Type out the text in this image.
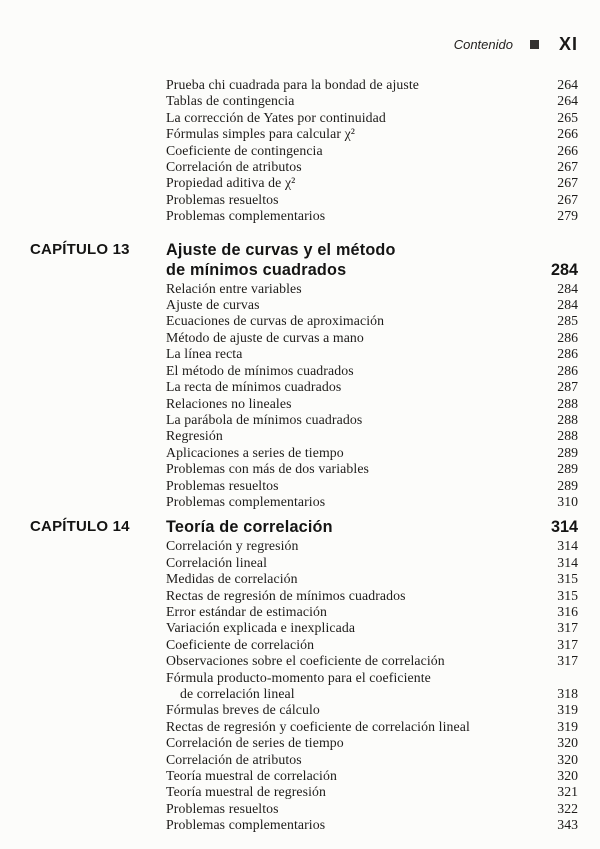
Contenido	XI
Prueba chi cuadrada para la bondad de ajuste	264
Tablas de contingencia	264
La corrección de Yates por continuidad	265
Fórmulas simples para calcular χ²	266
Coeficiente de contingencia	266
Correlación de atributos	267
Propiedad aditiva de χ²	267
Problemas resueltos	267
Problemas complementarios	279
CAPÍTULO 13	Ajuste de curvas y el método
de mínimos cuadrados	284
Relación entre variables	284
Ajuste de curvas	284
Ecuaciones de curvas de aproximación	285
Método de ajuste de curvas a mano	286
La línea recta	286
El método de mínimos cuadrados	286
La recta de mínimos cuadrados	287
Relaciones no lineales	288
La parábola de mínimos cuadrados	288
Regresión	288
Aplicaciones a series de tiempo	289
Problemas con más de dos variables	289
Problemas resueltos	289
Problemas complementarios	310
CAPÍTULO 14	Teoría de correlación	314
Correlación y regresión	314
Correlación lineal	314
Medidas de correlación	315
Rectas de regresión de mínimos cuadrados	315
Error estándar de estimación	316
Variación explicada e inexplicada	317
Coeficiente de correlación	317
Observaciones sobre el coeficiente de correlación	317
Fórmula producto-momento para el coeficiente
de correlación lineal	318
Fórmulas breves de cálculo	319
Rectas de regresión y coeficiente de correlación lineal	319
Correlación de series de tiempo	320
Correlación de atributos	320
Teoría muestral de correlación	320
Teoría muestral de regresión	321
Problemas resueltos	322
Problemas complementarios	343
